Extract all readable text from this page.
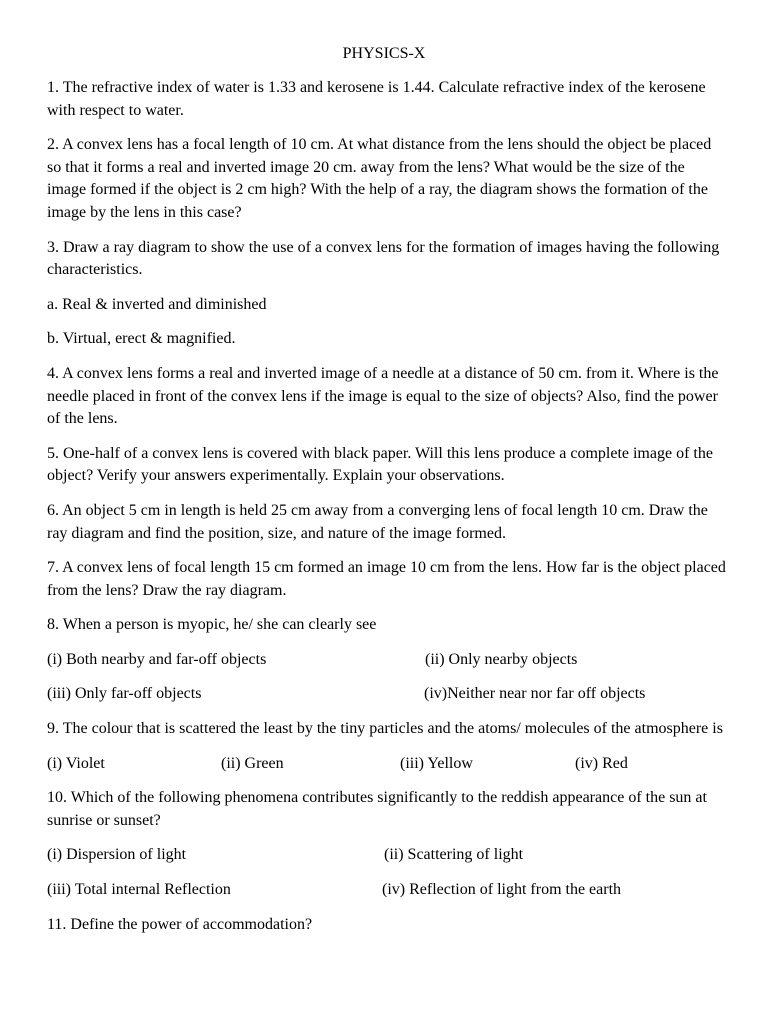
PHYSICS-X

1. The refractive index of water is 1.33 and kerosene is 1.44. Calculate refractive index of the kerosene with respect to water.

2. A convex lens has a focal length of 10 cm. At what distance from the lens should the object be placed so that it forms a real and inverted image 20 cm. away from the lens? What would be the size of the image formed if the object is 2 cm high? With the help of a ray, the diagram shows the formation of the image by the lens in this case?

3. Draw a ray diagram to show the use of a convex lens for the formation of images having the following characteristics.

a. Real & inverted and diminished

b. Virtual, erect & magnified.

4. A convex lens forms a real and inverted image of a needle at a distance of 50 cm. from it. Where is the needle placed in front of the convex lens if the image is equal to the size of objects? Also, find the power of the lens.

5. One-half of a convex lens is covered with black paper. Will this lens produce a complete image of the object? Verify your answers experimentally. Explain your observations.

6. An object 5 cm in length is held 25 cm away from a converging lens of focal length 10 cm. Draw the ray diagram and find the position, size, and nature of the image formed.

7. A convex lens of focal length 15 cm formed an image 10 cm from the lens. How far is the object placed from the lens? Draw the ray diagram.

8. When a person is myopic, he/ she can clearly see

(i) Both nearby and far-off objects	(ii) Only nearby objects
(iii) Only far-off objects	(iv)Neither near nor far off objects

9. The colour that is scattered the least by the tiny particles and the atoms/ molecules of the atmosphere is

(i) Violet	(ii) Green	(iii) Yellow	(iv) Red

10. Which of the following phenomena contributes significantly to the reddish appearance of the sun at sunrise or sunset?

(i) Dispersion of light	(ii) Scattering of light
(iii) Total internal Reflection	(iv) Reflection of light from the earth

11. Define the power of accommodation?
